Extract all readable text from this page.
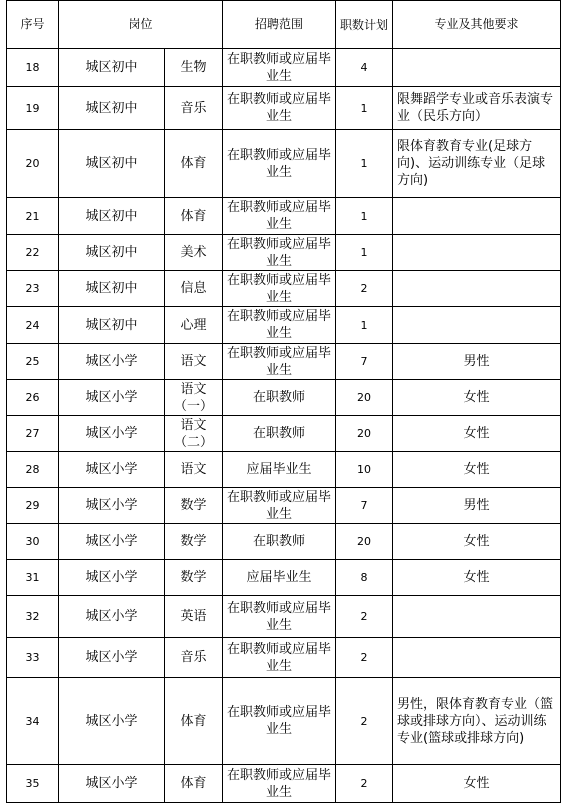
序号	岗位		招聘范围	职数计划	专业及其他要求
18	城区初中	生物	在职教师或应届毕业生	4	
19	城区初中	音乐	在职教师或应届毕业生	1	限舞蹈学专业或音乐表演专业（民乐方向）
20	城区初中	体育	在职教师或应届毕业生	1	限体育教育专业(足球方向)、运动训练专业（足球方向)
21	城区初中	体育	在职教师或应届毕业生	1	
22	城区初中	美术	在职教师或应届毕业生	1	
23	城区初中	信息	在职教师或应届毕业生	2	
24	城区初中	心理	在职教师或应届毕业生	1	
25	城区小学	语文	在职教师或应届毕业生	7	男性
26	城区小学	语文（一）	在职教师	20	女性
27	城区小学	语文（二）	在职教师	20	女性
28	城区小学	语文	应届毕业生	10	女性
29	城区小学	数学	在职教师或应届毕业生	7	男性
30	城区小学	数学	在职教师	20	女性
31	城区小学	数学	应届毕业生	8	女性
32	城区小学	英语	在职教师或应届毕业生	2	
33	城区小学	音乐	在职教师或应届毕业生	2	
34	城区小学	体育	在职教师或应届毕业生	2	男性，限体育教育专业（篮球或排球方向）、运动训练专业(篮球或排球方向)
35	城区小学	体育	在职教师或应届毕业生	2	女性
